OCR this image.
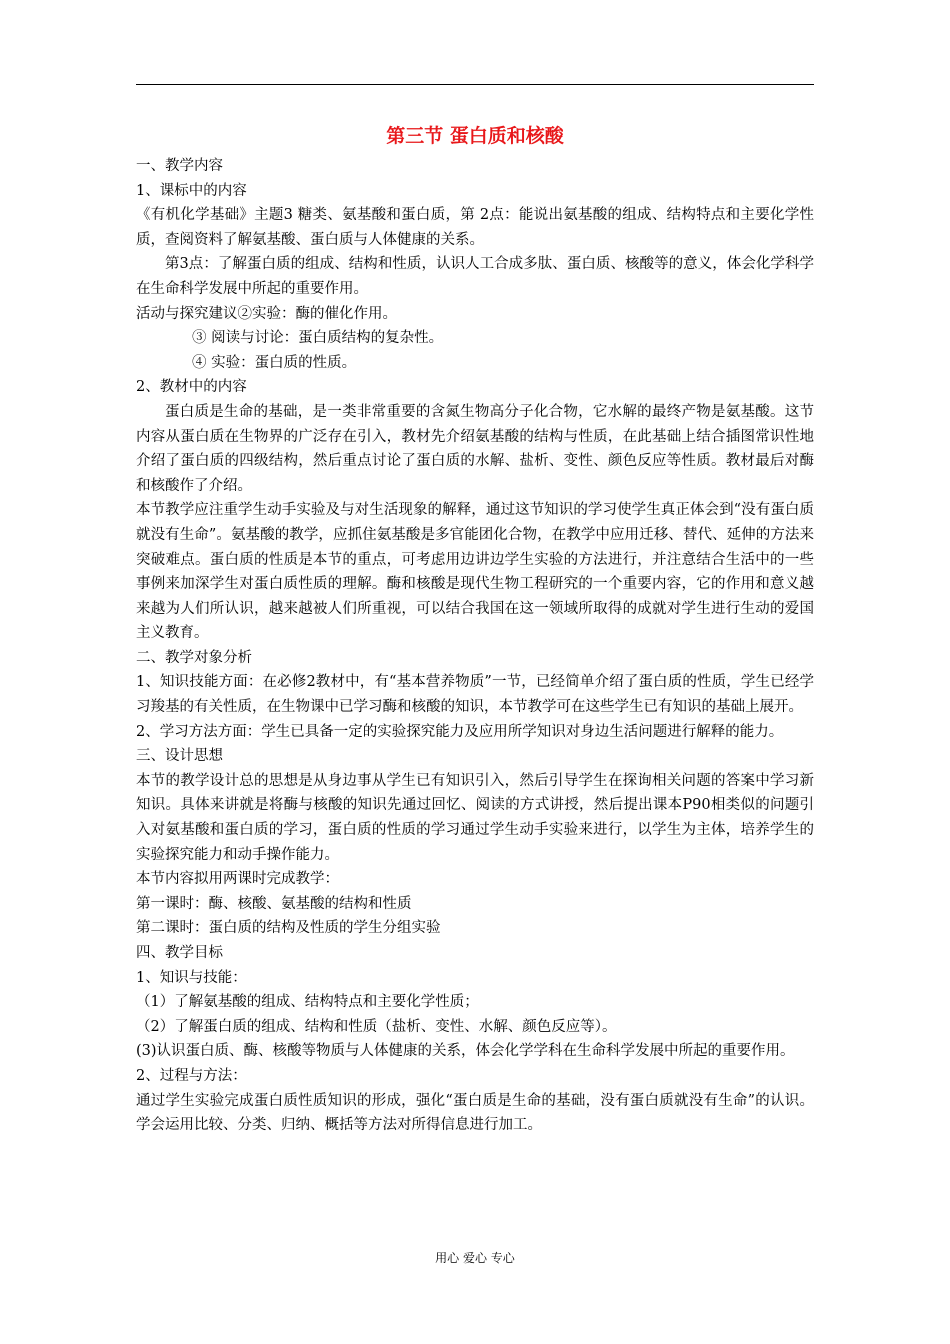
第三节 蛋白质和核酸

一、教学内容

1、课标中的内容

《有机化学基础》主题3 糖类、氨基酸和蛋白质，第 2点：能说出氨基酸的组成、结构特点和主要化学性质，查阅资料了解氨基酸、蛋白质与人体健康的关系。

第3点：了解蛋白质的组成、结构和性质，认识人工合成多肽、蛋白质、核酸等的意义，体会化学科学在生命科学发展中所起的重要作用。

活动与探究建议②实验：酶的催化作用。

③ 阅读与讨论：蛋白质结构的复杂性。

④ 实验：蛋白质的性质。

2、教材中的内容

蛋白质是生命的基础，是一类非常重要的含氮生物高分子化合物，它水解的最终产物是氨基酸。这节内容从蛋白质在生物界的广泛存在引入，教材先介绍氨基酸的结构与性质，在此基础上结合插图常识性地介绍了蛋白质的四级结构，然后重点讨论了蛋白质的水解、盐析、变性、颜色反应等性质。教材最后对酶和核酸作了介绍。

本节教学应注重学生动手实验及与对生活现象的解释，通过这节知识的学习使学生真正体会到“没有蛋白质就没有生命”。氨基酸的教学，应抓住氨基酸是多官能团化合物，在教学中应用迁移、替代、延伸的方法来突破难点。蛋白质的性质是本节的重点，可考虑用边讲边学生实验的方法进行，并注意结合生活中的一些事例来加深学生对蛋白质性质的理解。酶和核酸是现代生物工程研究的一个重要内容，它的作用和意义越来越为人们所认识，越来越被人们所重视，可以结合我国在这一领域所取得的成就对学生进行生动的爱国主义教育。

二、教学对象分析

1、知识技能方面：在必修2教材中，有“基本营养物质”一节，已经简单介绍了蛋白质的性质，学生已经学习羧基的有关性质，在生物课中已学习酶和核酸的知识，本节教学可在这些学生已有知识的基础上展开。

2、学习方法方面：学生已具备一定的实验探究能力及应用所学知识对身边生活问题进行解释的能力。

三、设计思想

本节的教学设计总的思想是从身边事从学生已有知识引入，然后引导学生在探询相关问题的答案中学习新知识。具体来讲就是将酶与核酸的知识先通过回忆、阅读的方式讲授，然后提出课本P90相类似的问题引入对氨基酸和蛋白质的学习，蛋白质的性质的学习通过学生动手实验来进行，以学生为主体，培养学生的实验探究能力和动手操作能力。

本节内容拟用两课时完成教学：

第一课时：酶、核酸、氨基酸的结构和性质

第二课时：蛋白质的结构及性质的学生分组实验

四、教学目标

1、知识与技能：

（1）了解氨基酸的组成、结构特点和主要化学性质；

（2）了解蛋白质的组成、结构和性质（盐析、变性、水解、颜色反应等）。

(3)认识蛋白质、酶、核酸等物质与人体健康的关系，体会化学学科在生命科学发展中所起的重要作用。

2、过程与方法：

通过学生实验完成蛋白质性质知识的形成，强化“蛋白质是生命的基础，没有蛋白质就没有生命”的认识。学会运用比较、分类、归纳、概括等方法对所得信息进行加工。

用心 爱心 专心
